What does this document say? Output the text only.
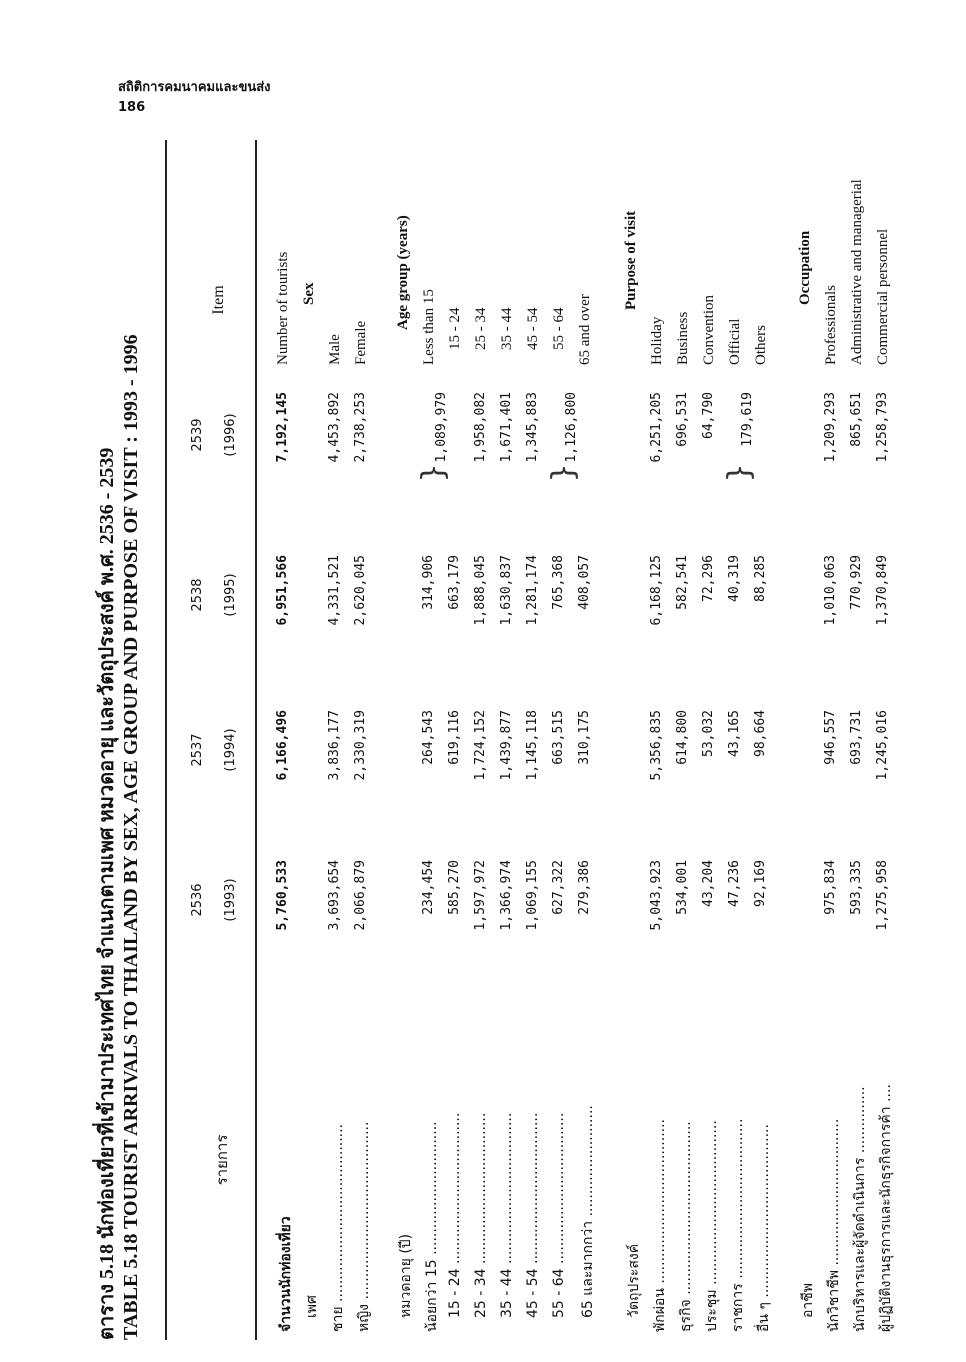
สถิติการคมนาคมและขนส่ง
186
ตาราง 5.18 นักท่องเที่ยวที่เข้ามาประเทศไทย จำแนกตามเพศ หมวดอายุ และวัตถุประสงค์ พ.ศ. 2536 - 2539 TABLE 5.18 TOURIST ARRIVALS TO THAILAND BY SEX, AGE GROUP AND PURPOSE OF VISIT : 1993 - 1996	รายการ
Item
2536 (1993)
2537 (1994)
2538 (1995)
2539 (1996)
จำนวนนักท่องเที่ยว
5,760,533
6,166,496
6,951,566
7,192,145
Number of tourists
เพศ
Sex
ชาย ........................................
3,693,654
3,836,177
4,331,521
4,453,892
Male
หญิง ........................................
2,066,879
2,330,319
2,620,045
2,738,253
Female
หมวดอายุ (ปี)
Age group (years)
น้อยกว่า 15 ..............................
234,454
264,543
314,906
Less than 15
15 - 24 ..................................
585,270
619,116
663,179
15 - 24
}
1,089,979
25 - 34 ..................................
1,597,972
1,724,152
1,888,045
1,958,082
25 - 34
35 - 44 ..................................
1,366,974
1,439,877
1,630,837
1,671,401
35 - 44
45 - 54 ..................................
1,069,155
1,145,118
1,281,174
1,345,883
45 - 54
55 - 64 ..................................
627,322
663,515
765,368
55 - 64
65 และมากกว่า .........................
279,386
310,175
408,057
65 and over
}
1,126,800
วัตถุประสงค์
Purpose of visit
พักผ่อน .....................................
5,043,923
5,356,835
6,168,125
6,251,205
Holiday
ธุรกิจ .......................................
534,001
614,800
582,541
696,531
Business
ประชุม .....................................
43,204
53,032
72,296
64,790
Convention
ราชการ ....................................
47,236
43,165
40,319
Official
อื่น ๆ .......................................
92,169
98,664
88,285
Others
}
179,619
อาชีพ
Occupation
นักวิชาชีพ .................................
975,834
946,557
1,010,063
1,209,293
Professionals
นักบริหารและผู้จัดดำเนินการ ...............
593,335
693,731
770,929
865,651
Administrative and managerial
ผู้ปฏิบัติงานธุรการและนักธุรกิจการค้า ....
1,275,958
1,245,016
1,370,849
1,258,793
Commercial personnel
